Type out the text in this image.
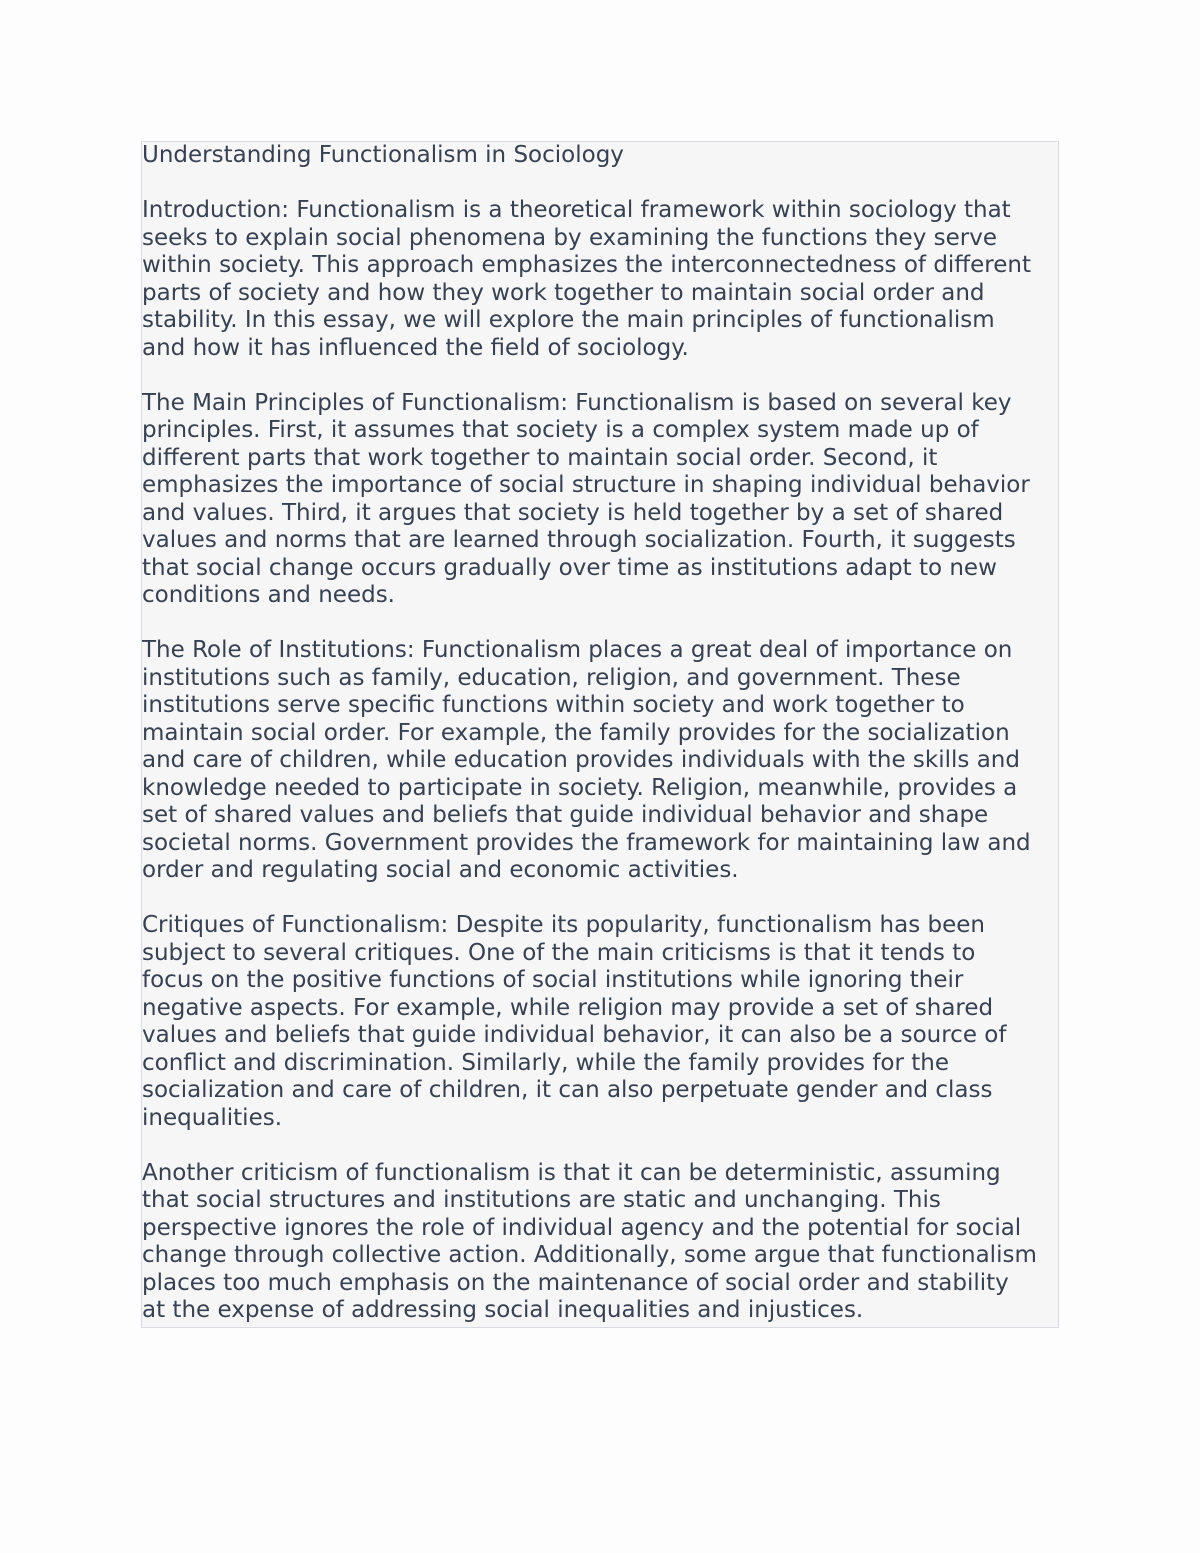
Understanding Functionalism in Sociology
Introduction: Functionalism is a theoretical framework within sociology that
seeks to explain social phenomena by examining the functions they serve
within society. This approach emphasizes the interconnectedness of different
parts of society and how they work together to maintain social order and
stability. In this essay, we will explore the main principles of functionalism
and how it has influenced the field of sociology.
The Main Principles of Functionalism: Functionalism is based on several key
principles. First, it assumes that society is a complex system made up of
different parts that work together to maintain social order. Second, it
emphasizes the importance of social structure in shaping individual behavior
and values. Third, it argues that society is held together by a set of shared
values and norms that are learned through socialization. Fourth, it suggests
that social change occurs gradually over time as institutions adapt to new
conditions and needs.
The Role of Institutions: Functionalism places a great deal of importance on
institutions such as family, education, religion, and government. These
institutions serve specific functions within society and work together to
maintain social order. For example, the family provides for the socialization
and care of children, while education provides individuals with the skills and
knowledge needed to participate in society. Religion, meanwhile, provides a
set of shared values and beliefs that guide individual behavior and shape
societal norms. Government provides the framework for maintaining law and
order and regulating social and economic activities.
Critiques of Functionalism: Despite its popularity, functionalism has been
subject to several critiques. One of the main criticisms is that it tends to
focus on the positive functions of social institutions while ignoring their
negative aspects. For example, while religion may provide a set of shared
values and beliefs that guide individual behavior, it can also be a source of
conflict and discrimination. Similarly, while the family provides for the
socialization and care of children, it can also perpetuate gender and class
inequalities.
Another criticism of functionalism is that it can be deterministic, assuming
that social structures and institutions are static and unchanging. This
perspective ignores the role of individual agency and the potential for social
change through collective action. Additionally, some argue that functionalism
places too much emphasis on the maintenance of social order and stability
at the expense of addressing social inequalities and injustices.
